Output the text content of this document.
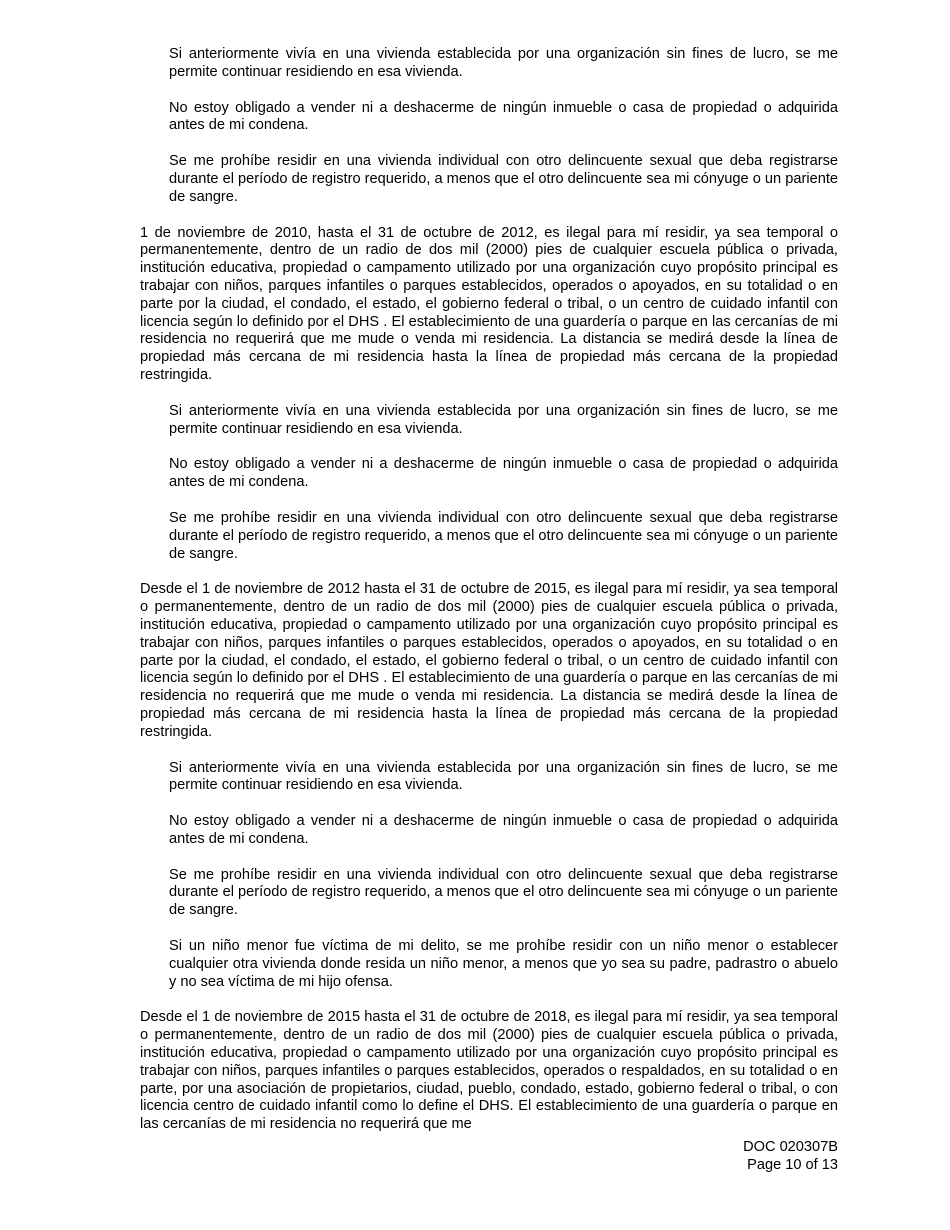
Si anteriormente vivía en una vivienda establecida por una organización sin fines de lucro, se me permite continuar residiendo en esa vivienda.

No estoy obligado a vender ni a deshacerme de ningún inmueble o casa de propiedad o adquirida antes de mi condena.

Se me prohíbe residir en una vivienda individual con otro delincuente sexual que deba registrarse durante el período de registro requerido, a menos que el otro delincuente sea mi cónyuge o un pariente de sangre.

1 de noviembre de 2010, hasta el 31 de octubre de 2012, es ilegal para mí residir, ya sea temporal o permanentemente, dentro de un radio de dos mil (2000) pies de cualquier escuela pública o privada, institución educativa, propiedad o campamento utilizado por una organización cuyo propósito principal es trabajar con niños, parques infantiles o parques establecidos, operados o apoyados, en su totalidad o en parte por la ciudad, el condado, el estado, el gobierno federal o tribal, o un centro de cuidado infantil con licencia según lo definido por el DHS . El establecimiento de una guardería o parque en las cercanías de mi residencia no requerirá que me mude o venda mi residencia. La distancia se medirá desde la línea de propiedad más cercana de mi residencia hasta la línea de propiedad más cercana de la propiedad restringida.

Si anteriormente vivía en una vivienda establecida por una organización sin fines de lucro, se me permite continuar residiendo en esa vivienda.

No estoy obligado a vender ni a deshacerme de ningún inmueble o casa de propiedad o adquirida antes de mi condena.

Se me prohíbe residir en una vivienda individual con otro delincuente sexual que deba registrarse durante el período de registro requerido, a menos que el otro delincuente sea mi cónyuge o un pariente de sangre.

Desde el 1 de noviembre de 2012 hasta el 31 de octubre de 2015, es ilegal para mí residir, ya sea temporal o permanentemente, dentro de un radio de dos mil (2000) pies de cualquier escuela pública o privada, institución educativa, propiedad o campamento utilizado por una organización cuyo propósito principal es trabajar con niños, parques infantiles o parques establecidos, operados o apoyados, en su totalidad o en parte por la ciudad, el condado, el estado, el gobierno federal o tribal, o un centro de cuidado infantil con licencia según lo definido por el DHS . El establecimiento de una guardería o parque en las cercanías de mi residencia no requerirá que me mude o venda mi residencia. La distancia se medirá desde la línea de propiedad más cercana de mi residencia hasta la línea de propiedad más cercana de la propiedad restringida.

Si anteriormente vivía en una vivienda establecida por una organización sin fines de lucro, se me permite continuar residiendo en esa vivienda.

No estoy obligado a vender ni a deshacerme de ningún inmueble o casa de propiedad o adquirida antes de mi condena.

Se me prohíbe residir en una vivienda individual con otro delincuente sexual que deba registrarse durante el período de registro requerido, a menos que el otro delincuente sea mi cónyuge o un pariente de sangre.

Si un niño menor fue víctima de mi delito, se me prohíbe residir con un niño menor o establecer cualquier otra vivienda donde resida un niño menor, a menos que yo sea su padre, padrastro o abuelo y no sea víctima de mi hijo ofensa.

Desde el 1 de noviembre de 2015 hasta el 31 de octubre de 2018, es ilegal para mí residir, ya sea temporal o permanentemente, dentro de un radio de dos mil (2000) pies de cualquier escuela pública o privada, institución educativa, propiedad o campamento utilizado por una organización cuyo propósito principal es trabajar con niños, parques infantiles o parques establecidos, operados o respaldados, en su totalidad o en parte, por una asociación de propietarios, ciudad, pueblo, condado, estado, gobierno federal o tribal, o con licencia centro de cuidado infantil como lo define el DHS. El establecimiento de una guardería o parque en las cercanías de mi residencia no requerirá que me

DOC 020307B
Page 10 of 13
